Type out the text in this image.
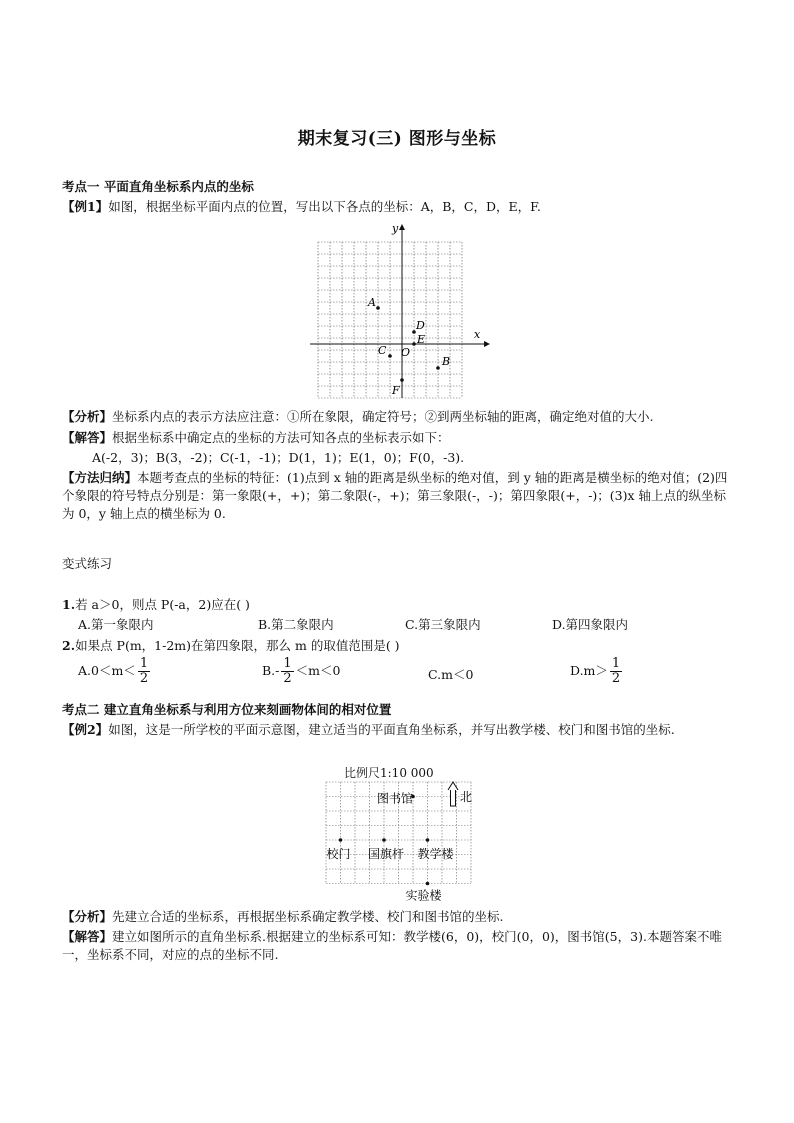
期末复习(三) 图形与坐标
考点一 平面直角坐标系内点的坐标
【例1】如图，根据坐标平面内点的位置，写出以下各点的坐标：A，B，C，D，E，F.
x
y
O
A
B
C
D
E
F
【分析】坐标系内点的表示方法应注意：①所在象限，确定符号；②到两坐标轴的距离，确定绝对值的大小.
【解答】根据坐标系中确定点的坐标的方法可知各点的坐标表示如下：
A(-2，3)；B(3，-2)；C(-1，-1)；D(1，1)；E(1，0)；F(0，-3).
【方法归纳】本题考查点的坐标的特征：(1)点到 x 轴的距离是纵坐标的绝对值，到 y 轴的距离是横坐标的绝对值；(2)四个象限的符号特点分别是：第一象限(+，+)；第二象限(-，+)；第三象限(-，-)；第四象限(+，-)；(3)x 轴上点的纵坐标为 0，y 轴上点的横坐标为 0.
变式练习
1.若 a＞0，则点 P(-a，2)应在( )
A.第一象限内	B.第二象限内	C.第三象限内	D.第四象限内
2.如果点 P(m，1-2m)在第四象限，那么 m 的取值范围是( )
$A.0<m< \frac{1}{2}$	$B.- \frac{1}{2} <m<0$	C.m＜0	$D.m> \frac{1}{2}$
考点二 建立直角坐标系与利用方位来刻画物体间的相对位置
【例2】如图，这是一所学校的平面示意图，建立适当的平面直角坐标系，并写出教学楼、校门和图书馆的坐标.
比例尺1:10 000
北
图书馆
校门 国旗杆 教学楼
实验楼
【分析】先建立合适的坐标系，再根据坐标系确定教学楼、校门和图书馆的坐标.
【解答】建立如图所示的直角坐标系.根据建立的坐标系可知：教学楼(6，0)，校门(0，0)，图书馆(5，3).本题答案不唯一，坐标系不同，对应的点的坐标不同.
